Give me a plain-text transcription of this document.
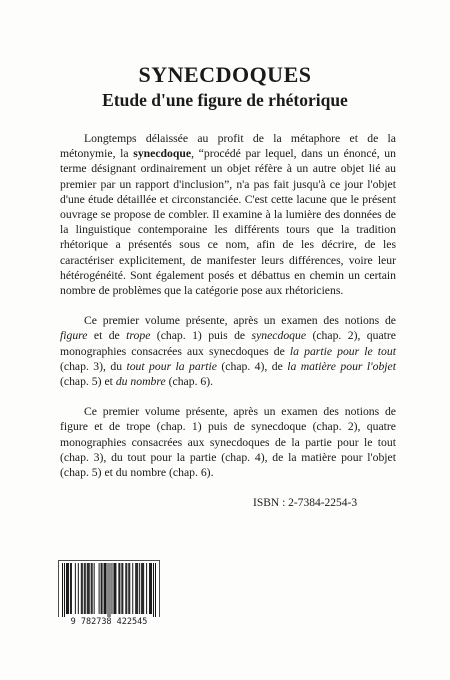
SYNECDOQUES
Etude d'une figure de rhétorique

Longtemps délaissée au profit de la métaphore et de la métonymie, la synecdoque, “procédé par lequel, dans un énoncé, un terme désignant ordinairement un objet réfère à un autre objet lié au premier par un rapport d'inclusion”, n'a pas fait jusqu'à ce jour l'objet d'une étude détaillée et circonstanciée. C'est cette lacune que le présent ouvrage se propose de combler. Il examine à la lumière des données de la linguistique contemporaine les différents tours que la tradition rhétorique a présentés sous ce nom, afin de les décrire, de les caractériser explicitement, de manifester leurs différences, voire leur hétérogénéité. Sont également posés et débattus en chemin un certain nombre de problèmes que la catégorie pose aux rhétoriciens.

Ce premier volume présente, après un examen des notions de figure et de trope (chap. 1) puis de synecdoque (chap. 2), quatre monographies consacrées aux synecdoques de la partie pour le tout (chap. 3), du tout pour la partie (chap. 4), de la matière pour l'objet (chap. 5) et du nombre (chap. 6).

Ce premier volume présente, après un examen des notions de figure et de trope (chap. 1) puis de synecdoque (chap. 2), quatre monographies consacrées aux synecdoques de la partie pour le tout (chap. 3), du tout pour la partie (chap. 4), de la matière pour l'objet (chap. 5) et du nombre (chap. 6).

ISBN : 2-7384-2254-3
9 782738 422545
